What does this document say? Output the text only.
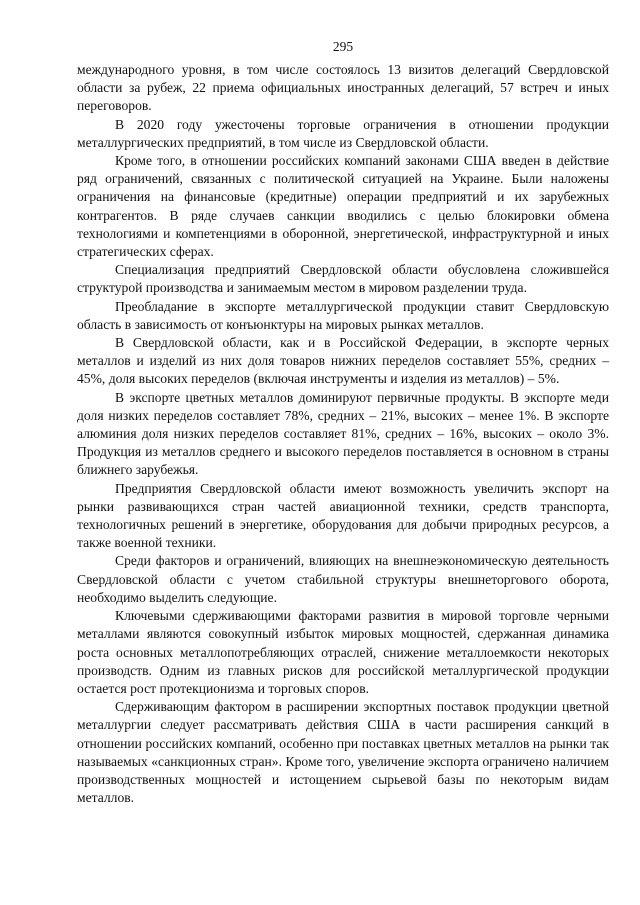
295

международного уровня, в том числе состоялось 13 визитов делегаций Свердловской области за рубеж, 22 приема официальных иностранных делегаций, 57 встреч и иных переговоров.

В 2020 году ужесточены торговые ограничения в отношении продукции металлургических предприятий, в том числе из Свердловской области.

Кроме того, в отношении российских компаний законами США введен в действие ряд ограничений, связанных с политической ситуацией на Украине. Были наложены ограничения на финансовые (кредитные) операции предприятий и их зарубежных контрагентов. В ряде случаев санкции вводились с целью блокировки обмена технологиями и компетенциями в оборонной, энергетической, инфраструктурной и иных стратегических сферах.

Специализация предприятий Свердловской области обусловлена сложившейся структурой производства и занимаемым местом в мировом разделении труда.

Преобладание в экспорте металлургической продукции ставит Свердловскую область в зависимость от конъюнктуры на мировых рынках металлов.

В Свердловской области, как и в Российской Федерации, в экспорте черных металлов и изделий из них доля товаров нижних переделов составляет 55%, средних – 45%, доля высоких переделов (включая инструменты и изделия из металлов) – 5%.

В экспорте цветных металлов доминируют первичные продукты. В экспорте меди доля низких переделов составляет 78%, средних – 21%, высоких – менее 1%. В экспорте алюминия доля низких переделов составляет 81%, средних – 16%, высоких – около 3%. Продукция из металлов среднего и высокого переделов поставляется в основном в страны ближнего зарубежья.

Предприятия Свердловской области имеют возможность увеличить экспорт на рынки развивающихся стран частей авиационной техники, средств транспорта, технологичных решений в энергетике, оборудования для добычи природных ресурсов, а также военной техники.

Среди факторов и ограничений, влияющих на внешнеэкономическую деятельность Свердловской области с учетом стабильной структуры внешнеторгового оборота, необходимо выделить следующие.

Ключевыми сдерживающими факторами развития в мировой торговле черными металлами являются совокупный избыток мировых мощностей, сдержанная динамика роста основных металлопотребляющих отраслей, снижение металлоемкости некоторых производств. Одним из главных рисков для российской металлургической продукции остается рост протекционизма и торговых споров.

Сдерживающим фактором в расширении экспортных поставок продукции цветной металлургии следует рассматривать действия США в части расширения санкций в отношении российских компаний, особенно при поставках цветных металлов на рынки так называемых «санкционных стран». Кроме того, увеличение экспорта ограничено наличием производственных мощностей и истощением сырьевой базы по некоторым видам металлов.
